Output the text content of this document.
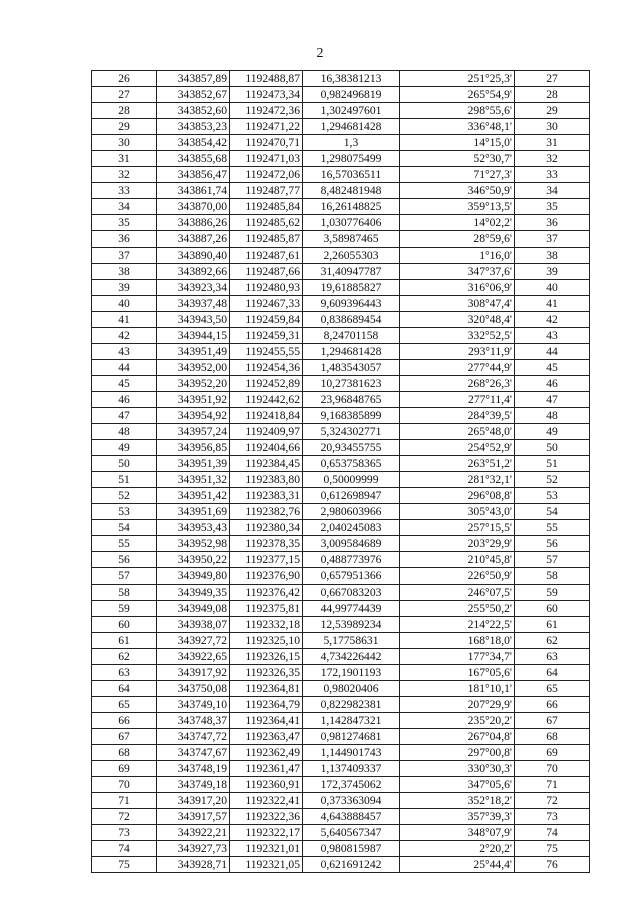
2
26	343857,89	1192488,87	16,38381213	251°25,3'	27
27	343852,67	1192473,34	0,982496819	265°54,9'	28
28	343852,60	1192472,36	1,302497601	298°55,6'	29
29	343853,23	1192471,22	1,294681428	336°48,1'	30
30	343854,42	1192470,71	1,3	14°15,0'	31
31	343855,68	1192471,03	1,298075499	52°30,7'	32
32	343856,47	1192472,06	16,57036511	71°27,3'	33
33	343861,74	1192487,77	8,482481948	346°50,9'	34
34	343870,00	1192485,84	16,26148825	359°13,5'	35
35	343886,26	1192485,62	1,030776406	14°02,2'	36
36	343887,26	1192485,87	3,58987465	28°59,6'	37
37	343890,40	1192487,61	2,26055303	1°16,0'	38
38	343892,66	1192487,66	31,40947787	347°37,6'	39
39	343923,34	1192480,93	19,61885827	316°06,9'	40
40	343937,48	1192467,33	9,609396443	308°47,4'	41
41	343943,50	1192459,84	0,838689454	320°48,4'	42
42	343944,15	1192459,31	8,24701158	332°52,5'	43
43	343951,49	1192455,55	1,294681428	293°11,9'	44
44	343952,00	1192454,36	1,483543057	277°44,9'	45
45	343952,20	1192452,89	10,27381623	268°26,3'	46
46	343951,92	1192442,62	23,96848765	277°11,4'	47
47	343954,92	1192418,84	9,168385899	284°39,5'	48
48	343957,24	1192409,97	5,324302771	265°48,0'	49
49	343956,85	1192404,66	20,93455755	254°52,9'	50
50	343951,39	1192384,45	0,653758365	263°51,2'	51
51	343951,32	1192383,80	0,50009999	281°32,1'	52
52	343951,42	1192383,31	0,612698947	296°08,8'	53
53	343951,69	1192382,76	2,980603966	305°43,0'	54
54	343953,43	1192380,34	2,040245083	257°15,5'	55
55	343952,98	1192378,35	3,009584689	203°29,9'	56
56	343950,22	1192377,15	0,488773976	210°45,8'	57
57	343949,80	1192376,90	0,657951366	226°50,9'	58
58	343949,35	1192376,42	0,667083203	246°07,5'	59
59	343949,08	1192375,81	44,99774439	255°50,2'	60
60	343938,07	1192332,18	12,53989234	214°22,5'	61
61	343927,72	1192325,10	5,17758631	168°18,0'	62
62	343922,65	1192326,15	4,734226442	177°34,7'	63
63	343917,92	1192326,35	172,1901193	167°05,6'	64
64	343750,08	1192364,81	0,98020406	181°10,1'	65
65	343749,10	1192364,79	0,822982381	207°29,9'	66
66	343748,37	1192364,41	1,142847321	235°20,2'	67
67	343747,72	1192363,47	0,981274681	267°04,8'	68
68	343747,67	1192362,49	1,144901743	297°00,8'	69
69	343748,19	1192361,47	1,137409337	330°30,3'	70
70	343749,18	1192360,91	172,3745062	347°05,6'	71
71	343917,20	1192322,41	0,373363094	352°18,2'	72
72	343917,57	1192322,36	4,643888457	357°39,3'	73
73	343922,21	1192322,17	5,640567347	348°07,9'	74
74	343927,73	1192321,01	0,980815987	2°20,2'	75
75	343928,71	1192321,05	0,621691242	25°44,4'	76
